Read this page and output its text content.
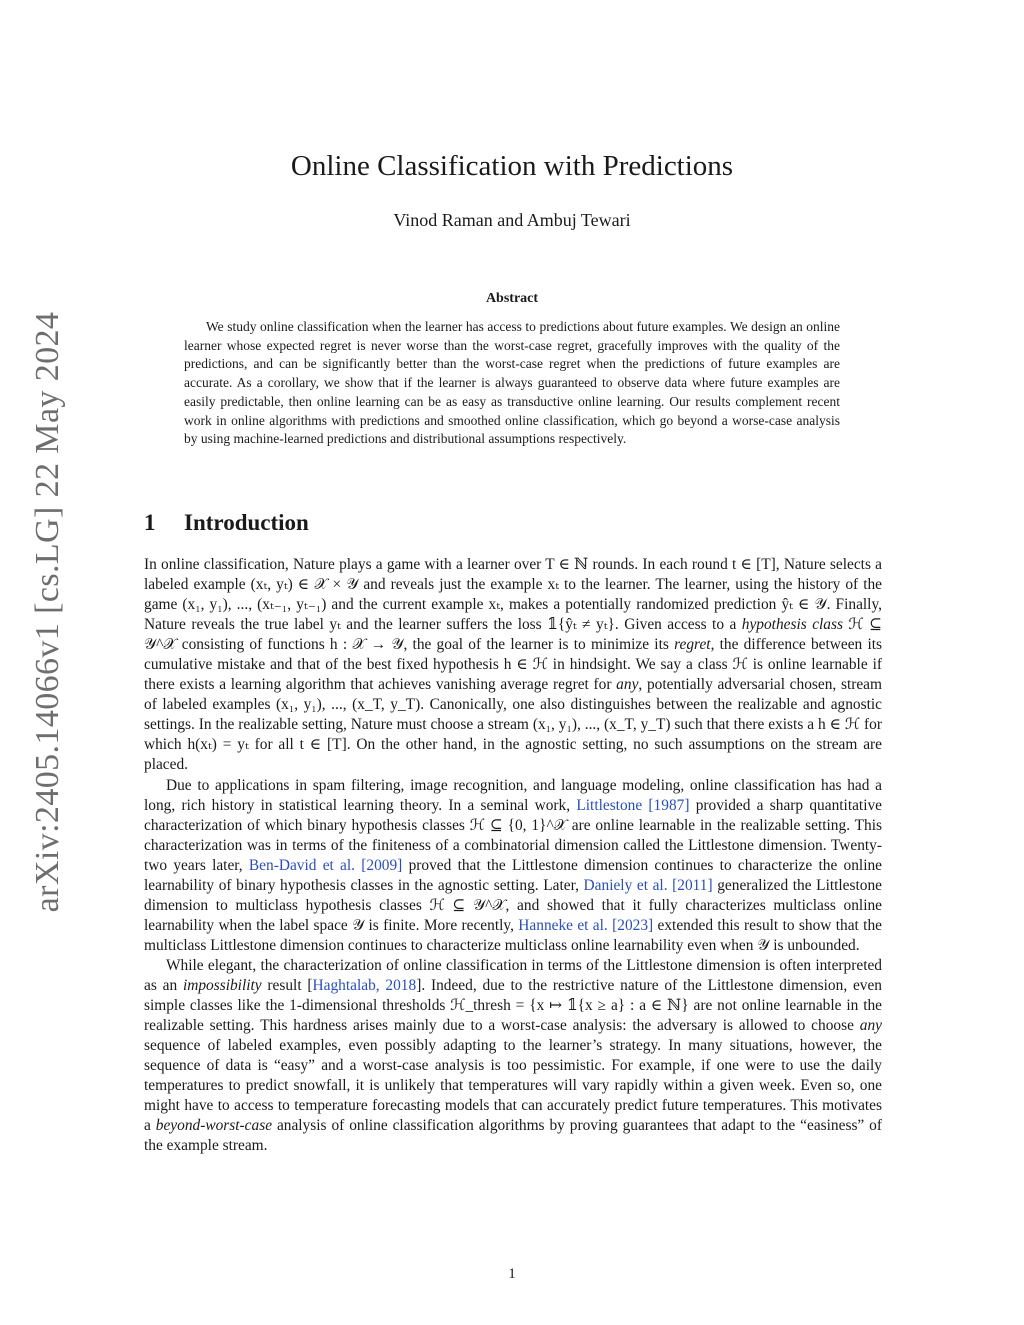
arXiv:2405.14066v1 [cs.LG] 22 May 2024
Online Classification with Predictions
Vinod Raman and Ambuj Tewari
Abstract

We study online classification when the learner has access to predictions about future examples. We design an online learner whose expected regret is never worse than the worst-case regret, gracefully improves with the quality of the predictions, and can be significantly better than the worst-case regret when the predictions of future examples are accurate. As a corollary, we show that if the learner is always guaranteed to observe data where future examples are easily predictable, then online learning can be as easy as transductive online learning. Our results complement recent work in online algorithms with predictions and smoothed online classification, which go beyond a worse-case analysis by using machine-learned predictions and distributional assumptions respectively.

1 Introduction

In online classification, Nature plays a game with a learner over T ∈ ℕ rounds. In each round t ∈ [T], Nature selects a labeled example (xₜ, yₜ) ∈ 𝒳 × 𝒴 and reveals just the example xₜ to the learner. The learner, using the history of the game (x₁, y₁), ..., (xₜ₋₁, yₜ₋₁) and the current example xₜ, makes a potentially randomized prediction ŷₜ ∈ 𝒴. Finally, Nature reveals the true label yₜ and the learner suffers the loss 𝟙{ŷₜ ≠ yₜ}. Given access to a hypothesis class ℋ ⊆ 𝒴^𝒳 consisting of functions h : 𝒳 → 𝒴, the goal of the learner is to minimize its regret, the difference between its cumulative mistake and that of the best fixed hypothesis h ∈ ℋ in hindsight. We say a class ℋ is online learnable if there exists a learning algorithm that achieves vanishing average regret for any, potentially adversarial chosen, stream of labeled examples (x₁, y₁), ..., (x_T, y_T). Canonically, one also distinguishes between the realizable and agnostic settings. In the realizable setting, Nature must choose a stream (x₁, y₁), ..., (x_T, y_T) such that there exists a h ∈ ℋ for which h(xₜ) = yₜ for all t ∈ [T]. On the other hand, in the agnostic setting, no such assumptions on the stream are placed.

Due to applications in spam filtering, image recognition, and language modeling, online classification has had a long, rich history in statistical learning theory. In a seminal work, Littlestone [1987] provided a sharp quantitative characterization of which binary hypothesis classes ℋ ⊆ {0, 1}^𝒳 are online learnable in the realizable setting. This characterization was in terms of the finiteness of a combinatorial dimension called the Littlestone dimension. Twenty-two years later, Ben-David et al. [2009] proved that the Littlestone dimension continues to characterize the online learnability of binary hypothesis classes in the agnostic setting. Later, Daniely et al. [2011] generalized the Littlestone dimension to multiclass hypothesis classes ℋ ⊆ 𝒴^𝒳, and showed that it fully characterizes multiclass online learnability when the label space 𝒴 is finite. More recently, Hanneke et al. [2023] extended this result to show that the multiclass Littlestone dimension continues to characterize multiclass online learnability even when 𝒴 is unbounded.

While elegant, the characterization of online classification in terms of the Littlestone dimension is often interpreted as an impossibility result [Haghtalab, 2018]. Indeed, due to the restrictive nature of the Littlestone dimension, even simple classes like the 1-dimensional thresholds ℋ_thresh = {x ↦ 𝟙{x ≥ a} : a ∈ ℕ} are not online learnable in the realizable setting. This hardness arises mainly due to a worst-case analysis: the adversary is allowed to choose any sequence of labeled examples, even possibly adapting to the learner’s strategy. In many situations, however, the sequence of data is “easy” and a worst-case analysis is too pessimistic. For example, if one were to use the daily temperatures to predict snowfall, it is unlikely that temperatures will vary rapidly within a given week. Even so, one might have to access to temperature forecasting models that can accurately predict future temperatures. This motivates a beyond-worst-case analysis of online classification algorithms by proving guarantees that adapt to the “easiness” of the example stream.

1
